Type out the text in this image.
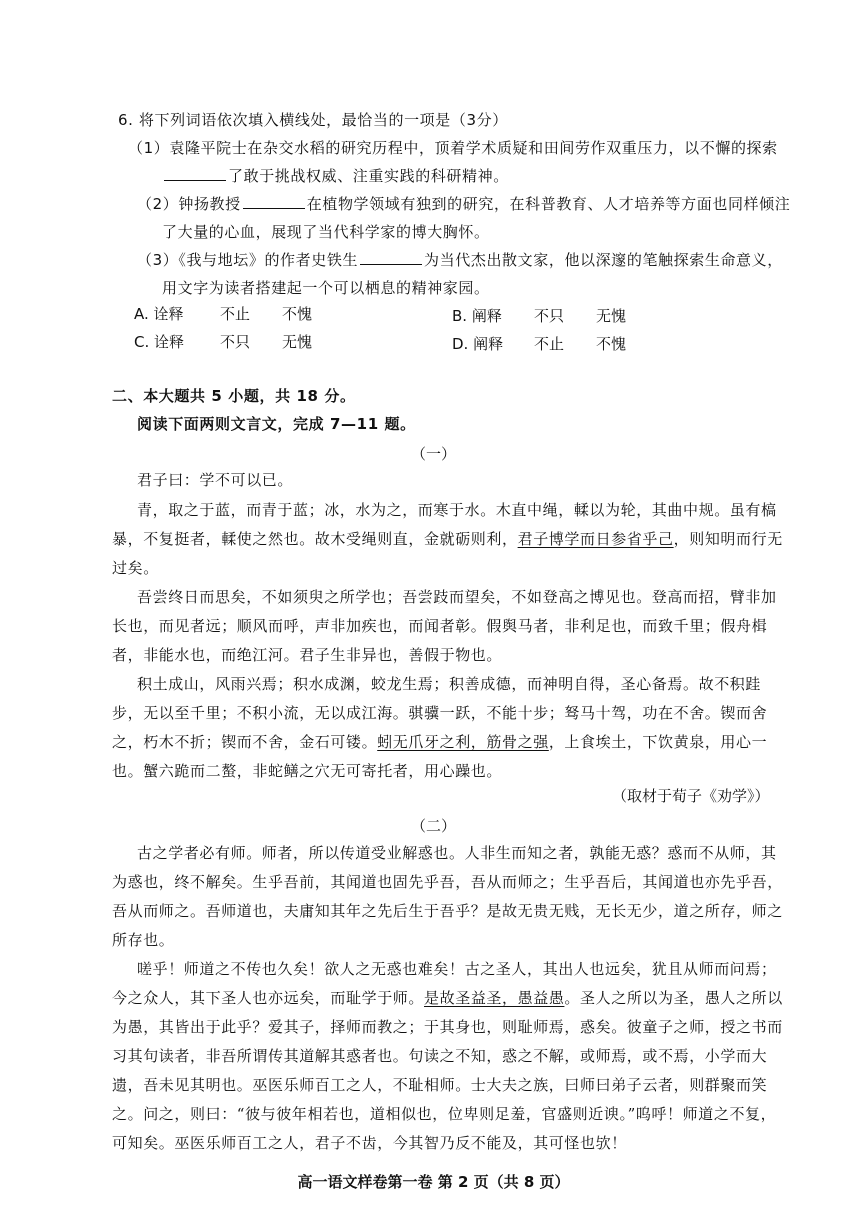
6. 将下列词语依次填入横线处，最恰当的一项是（3分）
（1）袁隆平院士在杂交水稻的研究历程中，顶着学术质疑和田间劳作双重压力，以不懈的探索
了敢于挑战权威、注重实践的科研精神。
（2）钟扬教授	在植物学领域有独到的研究，在科普教育、人才培养等方面也同样倾注
了大量的心血，展现了当代科学家的博大胸怀。
（3）《我与地坛》的作者史铁生	为当代杰出散文家，他以深邃的笔触探索生命意义，
用文字为读者搭建起一个可以栖息的精神家园。
A. 诠释 不止 不愧	B. 阐释 不只 无愧
C. 诠释 不只 无愧	D. 阐释 不止 不愧
二、本大题共 5 小题，共 18 分。
阅读下面两则文言文，完成 7—11 题。
（一）
君子曰：学不可以已。
青，取之于蓝，而青于蓝；冰，水为之，而寒于水。木直中绳，輮以为轮，其曲中规。虽有槁
暴，不复挺者，輮使之然也。故木受绳则直，金就砺则利，君子博学而日参省乎己，则知明而行无
过矣。
吾尝终日而思矣，不如须臾之所学也；吾尝跂而望矣，不如登高之博见也。登高而招，臂非加
长也，而见者远；顺风而呼，声非加疾也，而闻者彰。假舆马者，非利足也，而致千里；假舟楫
者，非能水也，而绝江河。君子生非异也，善假于物也。
积土成山，风雨兴焉；积水成渊，蛟龙生焉；积善成德，而神明自得，圣心备焉。故不积跬
步，无以至千里；不积小流，无以成江海。骐骥一跃，不能十步；驽马十驾，功在不舍。锲而舍
之，朽木不折；锲而不舍，金石可镂。蚓无爪牙之利，筋骨之强，上食埃土，下饮黄泉，用心一
也。蟹六跪而二螯，非蛇鳝之穴无可寄托者，用心躁也。
（取材于荀子《劝学》）
（二）
古之学者必有师。师者，所以传道受业解惑也。人非生而知之者，孰能无惑？惑而不从师，其
为惑也，终不解矣。生乎吾前，其闻道也固先乎吾，吾从而师之；生乎吾后，其闻道也亦先乎吾，
吾从而师之。吾师道也，夫庸知其年之先后生于吾乎？是故无贵无贱，无长无少，道之所存，师之
所存也。
嗟乎！师道之不传也久矣！欲人之无惑也难矣！古之圣人，其出人也远矣，犹且从师而问焉；
今之众人，其下圣人也亦远矣，而耻学于师。是故圣益圣，愚益愚。圣人之所以为圣，愚人之所以
为愚，其皆出于此乎？爱其子，择师而教之；于其身也，则耻师焉，惑矣。彼童子之师，授之书而
习其句读者，非吾所谓传其道解其惑者也。句读之不知，惑之不解，或师焉，或不焉，小学而大
遗，吾未见其明也。巫医乐师百工之人，不耻相师。士大夫之族，曰师曰弟子云者，则群聚而笑
之。问之，则曰：“彼与彼年相若也，道相似也，位卑则足羞，官盛则近谀。”呜呼！师道之不复，
可知矣。巫医乐师百工之人，君子不齿，今其智乃反不能及，其可怪也欤！
高一语文样卷第一卷 第 2 页（共 8 页）
